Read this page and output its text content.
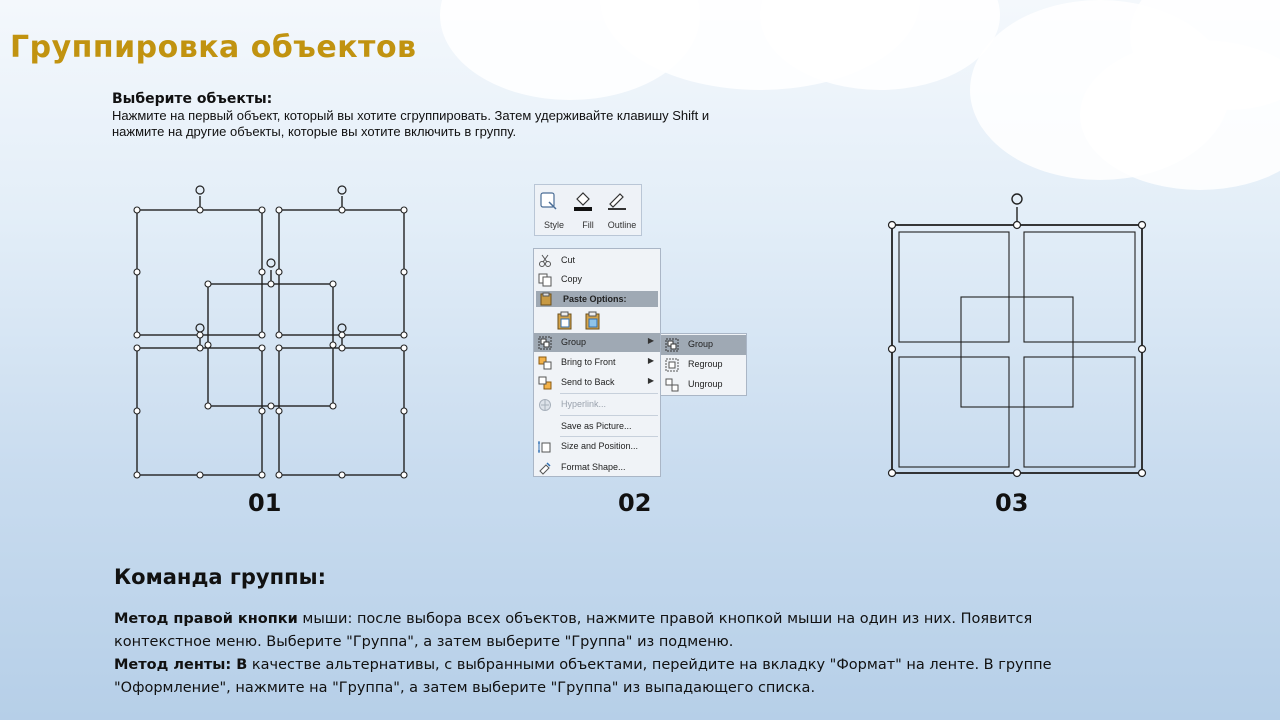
Группировка объектов
Выберите объекты:
Нажмите на первый объект, который вы хотите сгруппировать. Затем удерживайте клавишу Shift и нажмите на другие объекты, которые вы хотите включить в группу.
01
Style	Fill	Outline
Cut
Copy
Paste Options:
Group	▶
Bring to Front	▶
Send to Back	▶
Hyperlink...
Save as Picture...
Size and Position...
Format Shape...
Group
Regroup
Ungroup
02	03
Команда группы:
Метод правой кнопки мыши: после выбора всех объектов, нажмите правой кнопкой мыши на один из них. Появится контекстное меню. Выберите "Группа", а затем выберите "Группа" из подменю.
Метод ленты: В качестве альтернативы, с выбранными объектами, перейдите на вкладку "Формат" на ленте. В группе "Оформление", нажмите на "Группа", а затем выберите "Группа" из выпадающего списка.
